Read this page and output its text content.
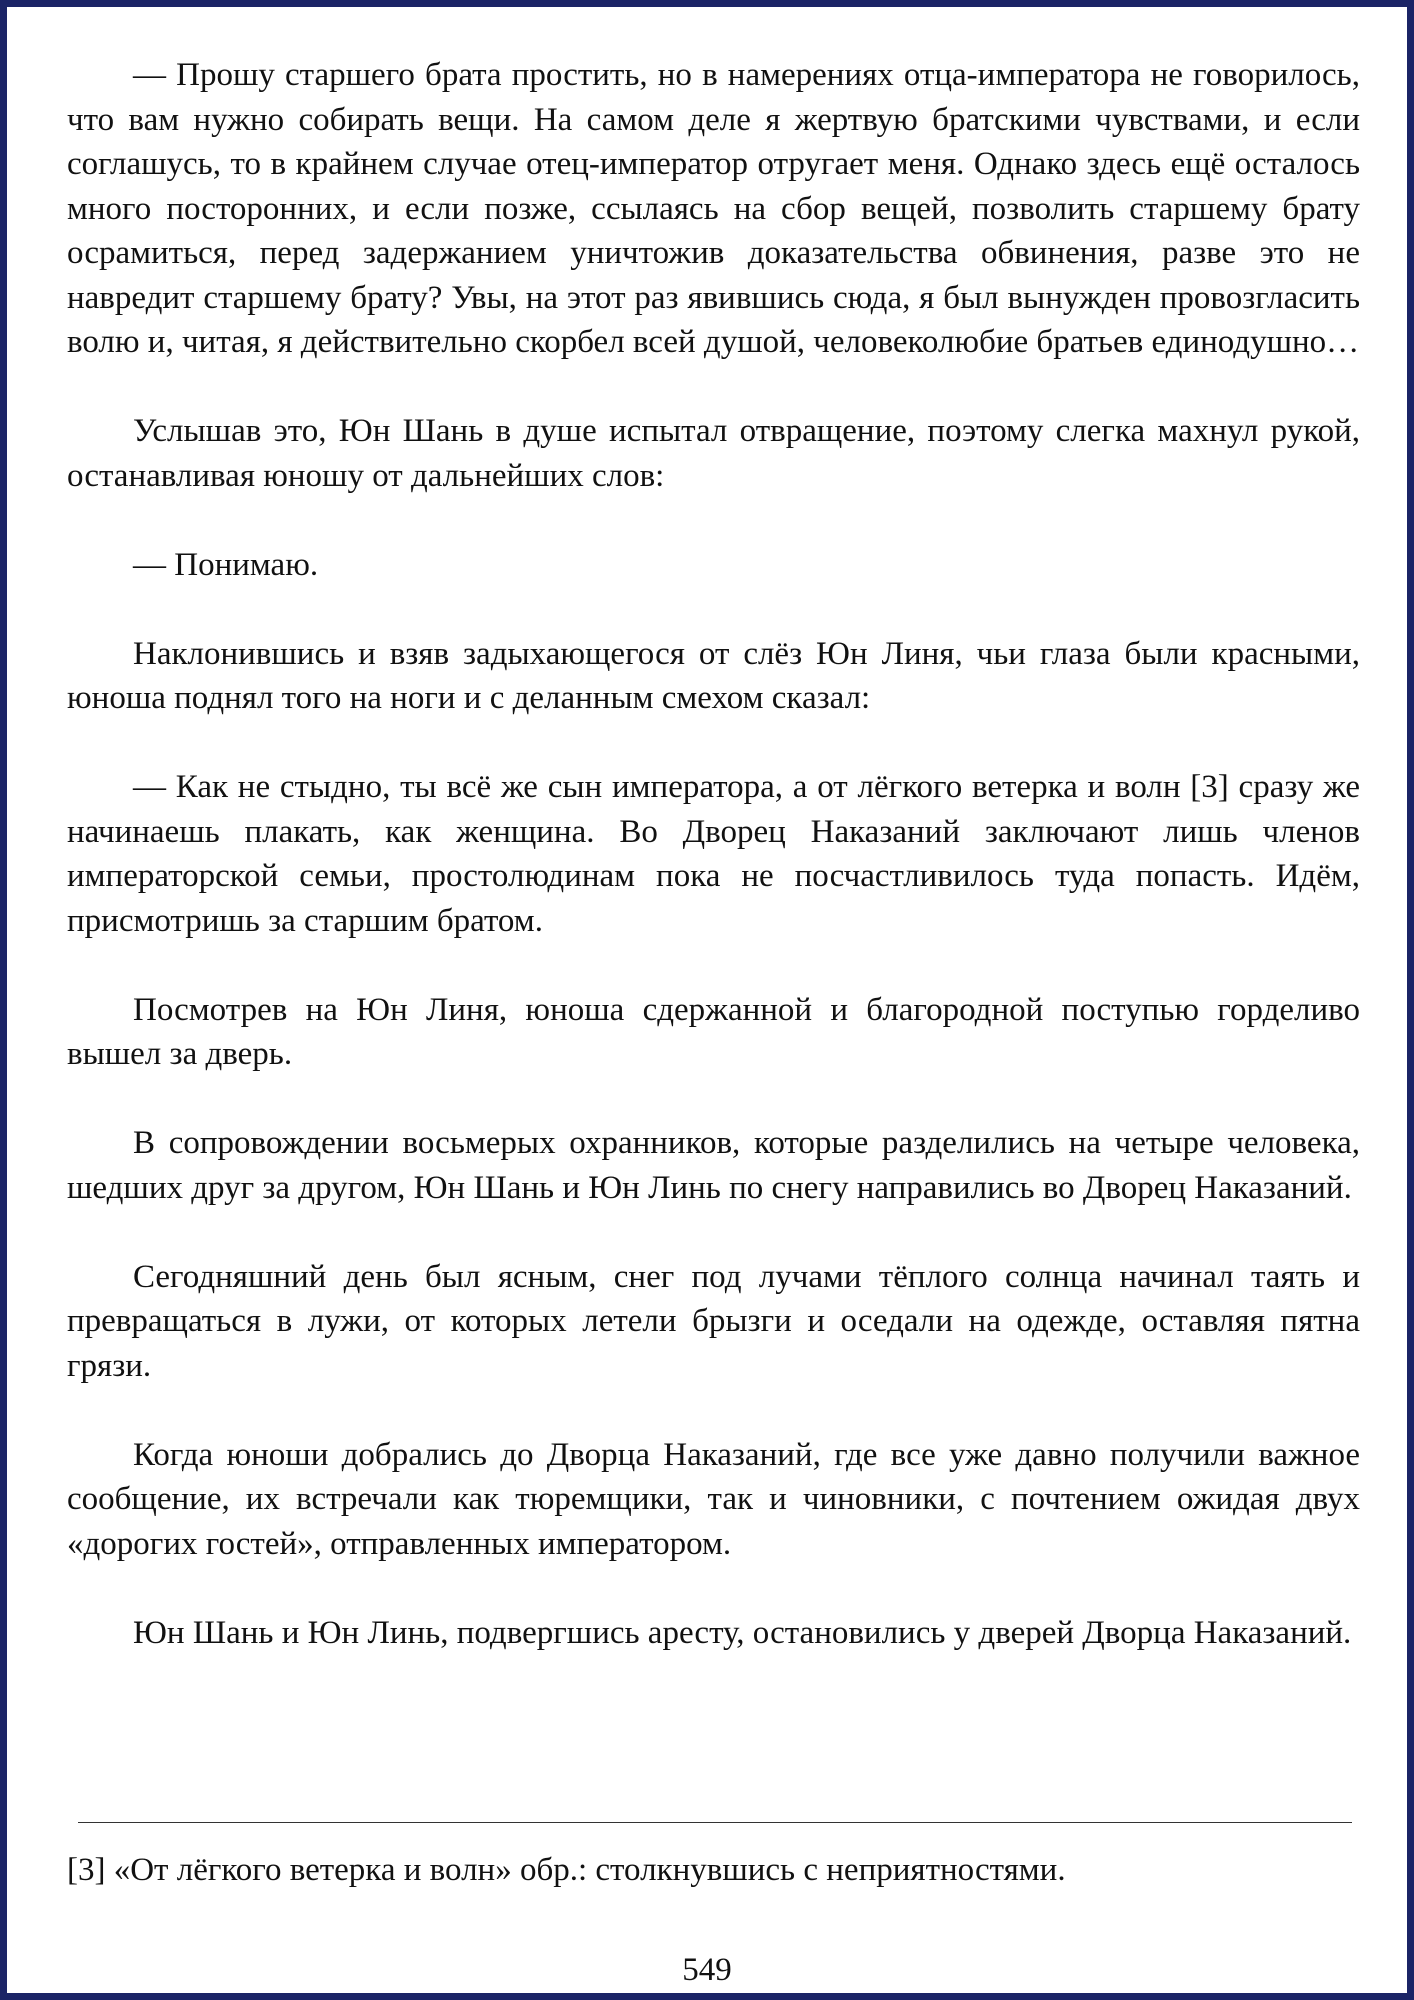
— Прошу старшего брата простить, но в намерениях отца-императора не говорилось, что вам нужно собирать вещи. На самом деле я жертвую братскими чувствами, и если соглашусь, то в крайнем случае отец-император отругает меня. Однако здесь ещё осталось много посторонних, и если позже, ссылаясь на сбор вещей, позволить старшему брату осрамиться, перед задержанием уничтожив доказательства обвинения, разве это не навредит старшему брату? Увы, на этот раз явившись сюда, я был вынужден провозгласить волю и, читая, я действительно скорбел всей душой, человеколюбие братьев единодушно…

Услышав это, Юн Шань в душе испытал отвращение, поэтому слегка махнул рукой, останавливая юношу от дальнейших слов:

— Понимаю.

Наклонившись и взяв задыхающегося от слёз Юн Линя, чьи глаза были красными, юноша поднял того на ноги и с деланным смехом сказал:

— Как не стыдно, ты всё же сын императора, а от лёгкого ветерка и волн [3] сразу же начинаешь плакать, как женщина. Во Дворец Наказаний заключают лишь членов императорской семьи, простолюдинам пока не посчастливилось туда попасть. Идём, присмотришь за старшим братом.

Посмотрев на Юн Линя, юноша сдержанной и благородной поступью горделиво вышел за дверь.

В сопровождении восьмерых охранников, которые разделились на четыре человека, шедших друг за другом, Юн Шань и Юн Линь по снегу направились во Дворец Наказаний.

Сегодняшний день был ясным, снег под лучами тёплого солнца начинал таять и превращаться в лужи, от которых летели брызги и оседали на одежде, оставляя пятна грязи.

Когда юноши добрались до Дворца Наказаний, где все уже давно получили важное сообщение, их встречали как тюремщики, так и чиновники, с почтением ожидая двух «дорогих гостей», отправленных императором.

Юн Шань и Юн Линь, подвергшись аресту, остановились у дверей Дворца Наказаний.

[3] «От лёгкого ветерка и волн» обр.: столкнувшись с неприятностями.

549
